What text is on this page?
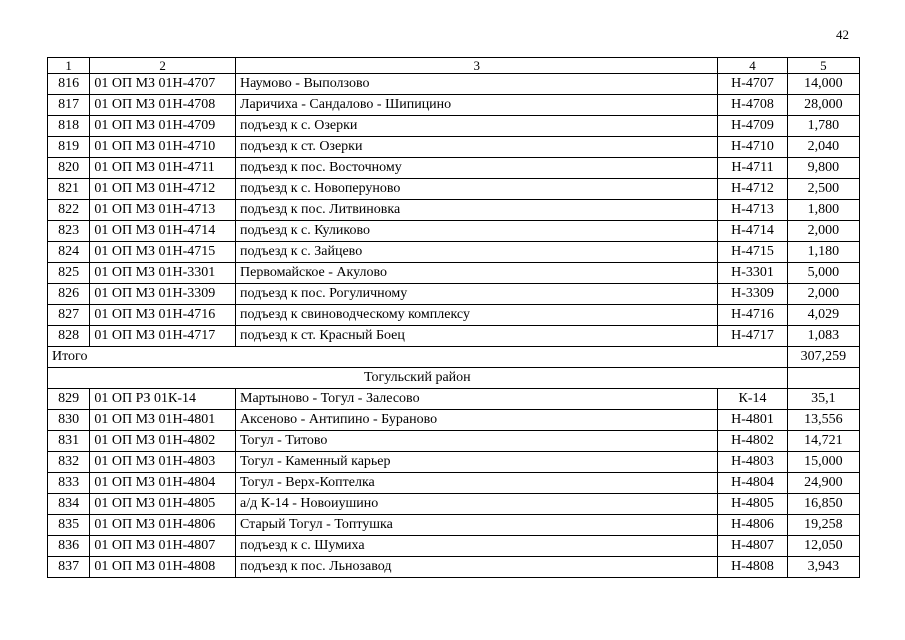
42
1	2	3	4	5
816	01 ОП МЗ 01Н-4707	Наумово - Выползово	Н-4707	14,000
817	01 ОП МЗ 01Н-4708	Ларичиха - Сандалово - Шипицино	Н-4708	28,000
818	01 ОП МЗ 01Н-4709	подъезд к с. Озерки	Н-4709	1,780
819	01 ОП МЗ 01Н-4710	подъезд к ст. Озерки	Н-4710	2,040
820	01 ОП МЗ 01Н-4711	подъезд к пос. Восточному	Н-4711	9,800
821	01 ОП МЗ 01Н-4712	подъезд к с. Новоперуново	Н-4712	2,500
822	01 ОП МЗ 01Н-4713	подъезд к пос. Литвиновка	Н-4713	1,800
823	01 ОП МЗ 01Н-4714	подъезд к с. Куликово	Н-4714	2,000
824	01 ОП МЗ 01Н-4715	подъезд к с. Зайцево	Н-4715	1,180
825	01 ОП МЗ 01Н-3301	Первомайское - Акулово	Н-3301	5,000
826	01 ОП МЗ 01Н-3309	подъезд к пос. Рогуличному	Н-3309	2,000
827	01 ОП МЗ 01Н-4716	подъезд к свиноводческому комплексу	Н-4716	4,029
828	01 ОП МЗ 01Н-4717	подъезд к ст. Красный Боец	Н-4717	1,083
Итого				307,259
Тогульский район				
829	01 ОП РЗ 01К-14	Мартыново - Тогул - Залесово	К-14	35,1
830	01 ОП МЗ 01Н-4801	Аксеново - Антипино - Бураново	Н-4801	13,556
831	01 ОП МЗ 01Н-4802	Тогул - Титово	Н-4802	14,721
832	01 ОП МЗ 01Н-4803	Тогул - Каменный карьер	Н-4803	15,000
833	01 ОП МЗ 01Н-4804	Тогул - Верх-Коптелка	Н-4804	24,900
834	01 ОП МЗ 01Н-4805	а/д К-14 - Новоиушино	Н-4805	16,850
835	01 ОП МЗ 01Н-4806	Старый Тогул - Топтушка	Н-4806	19,258
836	01 ОП МЗ 01Н-4807	подъезд к с. Шумиха	Н-4807	12,050
837	01 ОП МЗ 01Н-4808	подъезд к пос. Льнозавод	Н-4808	3,943
